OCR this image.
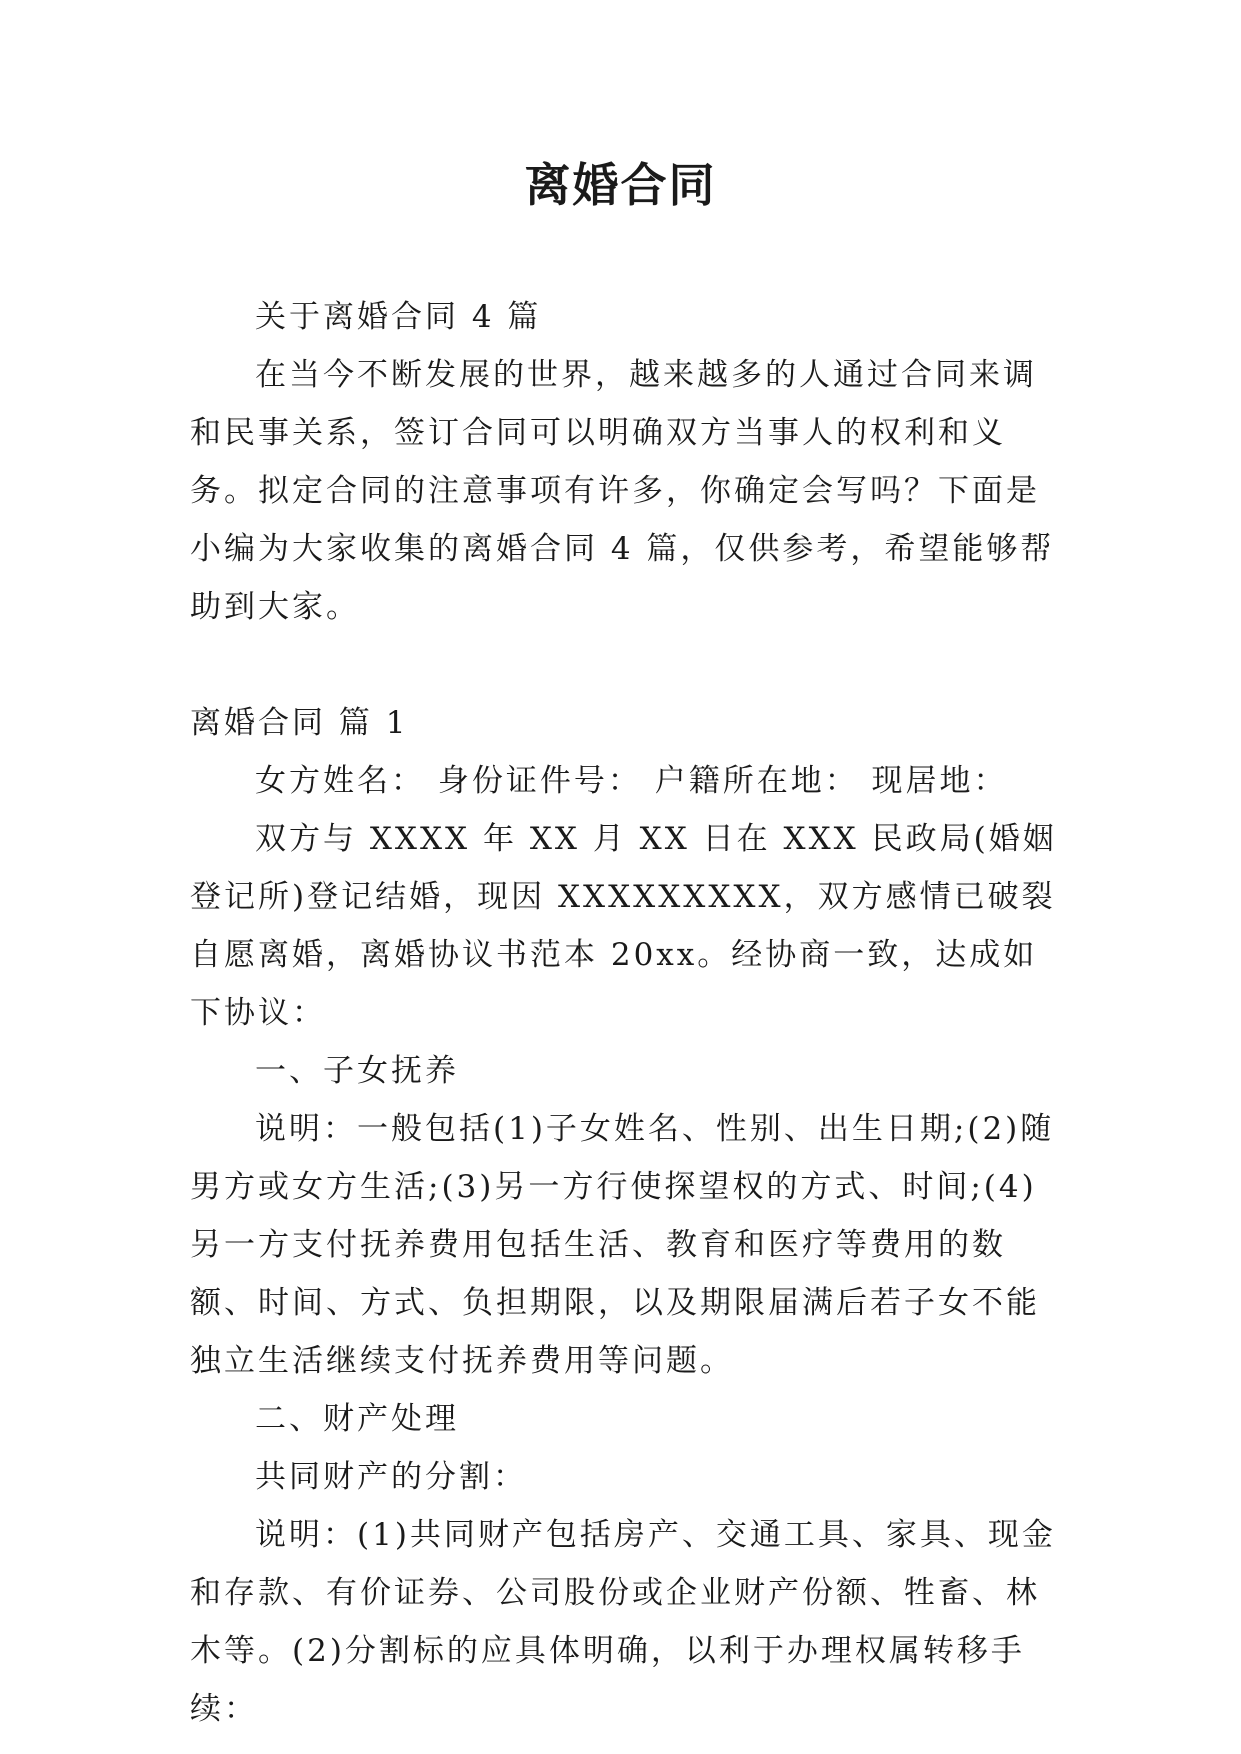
离婚合同

关于离婚合同 4 篇

在当今不断发展的世界，越来越多的人通过合同来调和民事关系，签订合同可以明确双方当事人的权利和义务。拟定合同的注意事项有许多，你确定会写吗？下面是小编为大家收集的离婚合同 4 篇，仅供参考，希望能够帮助到大家。

离婚合同 篇 1

女方姓名： 身份证件号： 户籍所在地： 现居地：

双方与 XXXX 年 XX 月 XX 日在 XXX 民政局(婚姻登记所)登记结婚，现因 XXXXXXXXX，双方感情已破裂自愿离婚，离婚协议书范本 20xx。经协商一致，达成如下协议：

一、子女抚养

说明：一般包括(1)子女姓名、性别、出生日期;(2)随男方或女方生活;(3)另一方行使探望权的方式、时间;(4)另一方支付抚养费用包括生活、教育和医疗等费用的数额、时间、方式、负担期限，以及期限届满后若子女不能独立生活继续支付抚养费用等问题。

二、财产处理

共同财产的分割：

说明：(1)共同财产包括房产、交通工具、家具、现金和存款、有价证券、公司股份或企业财产份额、牲畜、林木等。(2)分割标的应具体明确，以利于办理权属转移手续：
